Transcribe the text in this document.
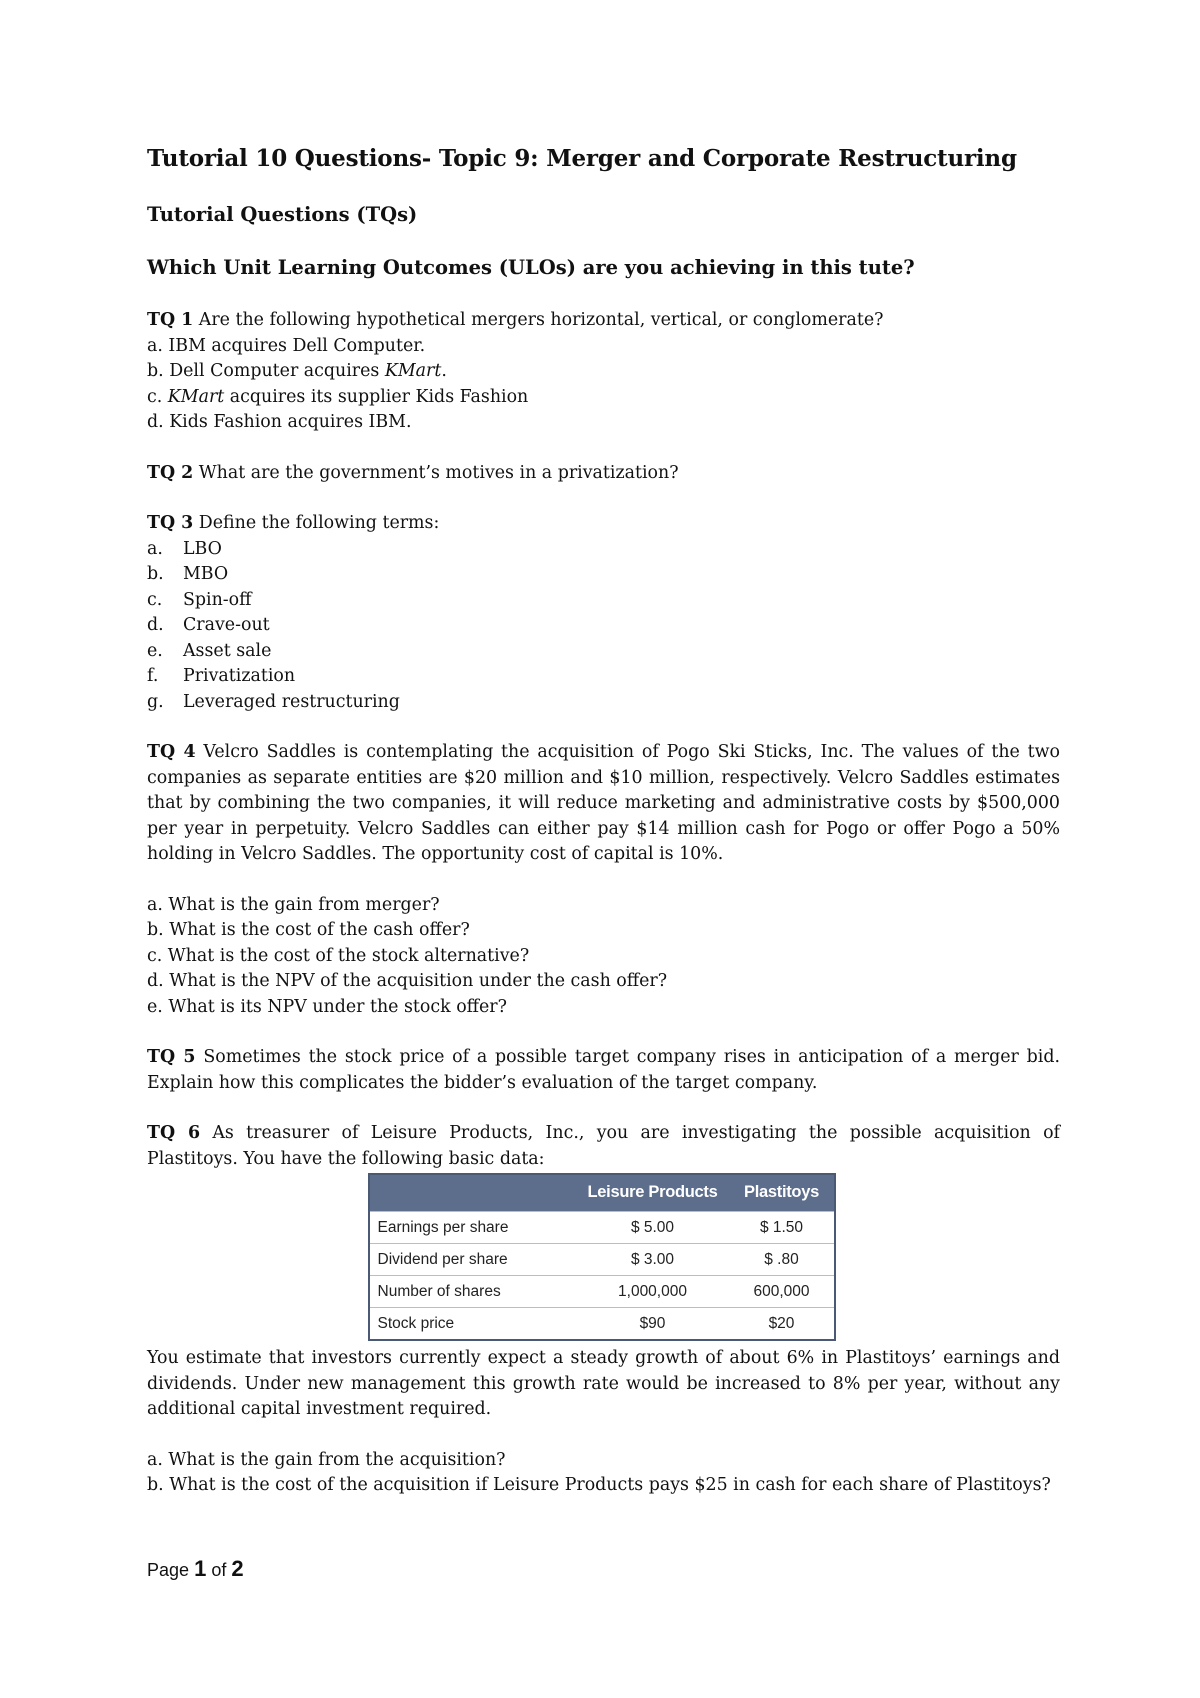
Tutorial 10 Questions- Topic 9: Merger and Corporate Restructuring
Tutorial Questions (TQs)
Which Unit Learning Outcomes (ULOs) are you achieving in this tute?
TQ 1 Are the following hypothetical mergers horizontal, vertical, or conglomerate?
a. IBM acquires Dell Computer.
b. Dell Computer acquires KMart.
c. KMart acquires its supplier Kids Fashion
d. Kids Fashion acquires IBM.
TQ 2 What are the government’s motives in a privatization?
TQ 3 Define the following terms:
a.	LBO
b.	MBO
c.	Spin-off
d.	Crave-out
e.	Asset sale
f.	Privatization
g.	Leveraged restructuring
TQ 4 Velcro Saddles is contemplating the acquisition of Pogo Ski Sticks, Inc. The values of the two companies as separate entities are $20 million and $10 million, respectively. Velcro Saddles estimates that by combining the two companies, it will reduce marketing and administrative costs by $500,000 per year in perpetuity. Velcro Saddles can either pay $14 million cash for Pogo or offer Pogo a 50% holding in Velcro Saddles. The opportunity cost of capital is 10%.
a. What is the gain from merger?
b. What is the cost of the cash offer?
c. What is the cost of the stock alternative?
d. What is the NPV of the acquisition under the cash offer?
e. What is its NPV under the stock offer?
TQ 5 Sometimes the stock price of a possible target company rises in anticipation of a merger bid. Explain how this complicates the bidder’s evaluation of the target company.
TQ 6 As treasurer of Leisure Products, Inc., you are investigating the possible acquisition of Plastitoys. You have the following basic data:
	Leisure Products	Plastitoys
Earnings per share	$ 5.00	$ 1.50
Dividend per share	$ 3.00	$ .80
Number of shares	1,000,000	600,000
Stock price	$90	$20
You estimate that investors currently expect a steady growth of about 6% in Plastitoys’ earnings and dividends. Under new management this growth rate would be increased to 8% per year, without any additional capital investment required.
a. What is the gain from the acquisition?
b. What is the cost of the acquisition if Leisure Products pays $25 in cash for each share of Plastitoys?
Page 1 of 2
